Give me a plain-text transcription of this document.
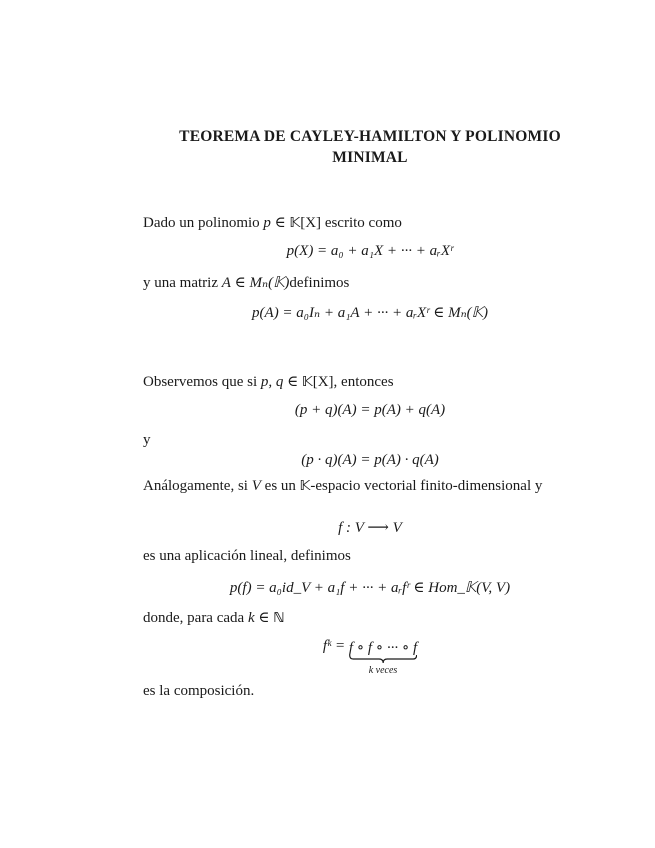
TEOREMA DE CAYLEY-HAMILTON Y POLINOMIO
MINIMAL
Dado un polinomio p ∈ 𝕂[X] escrito como
p(X) = a₀ + a₁X + ··· + aᵣXʳ
y una matriz A ∈ Mₙ(𝕂)definimos
p(A) = a₀Iₙ + a₁A + ··· + aᵣXʳ ∈ Mₙ(𝕂)
Observemos que si p, q ∈ 𝕂[X], entonces
(p + q)(A) = p(A) + q(A)
y
(p · q)(A) = p(A) · q(A)
Análogamente, si V es un 𝕂-espacio vectorial finito-dimensional y
f : V ⟶ V
es una aplicación lineal, definimos
p(f) = a₀id_V + a₁f + ··· + aᵣfʳ ∈ Hom_𝕂(V, V)
donde, para cada k ∈ ℕ
fᵏ = f ∘ f ∘ ··· ∘ f
k veces
es la composición.
